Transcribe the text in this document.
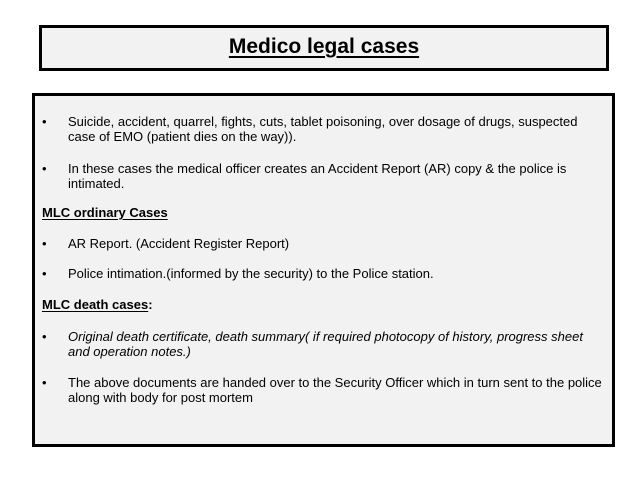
Medico legal cases
• Suicide, accident, quarrel, fights, cuts, tablet poisoning, over dosage of drugs, suspected case of EMO (patient dies on the way)).
• In these cases the medical officer creates an Accident Report (AR) copy & the police is intimated.
MLC ordinary Cases
• AR Report. (Accident Register Report)
• Police intimation.(informed by the security) to the Police station.
MLC death cases:
• Original death certificate, death summary( if required photocopy of history, progress sheet and operation notes.)
• The above documents are handed over to the Security Officer which in turn sent to the police along with body for post mortem
